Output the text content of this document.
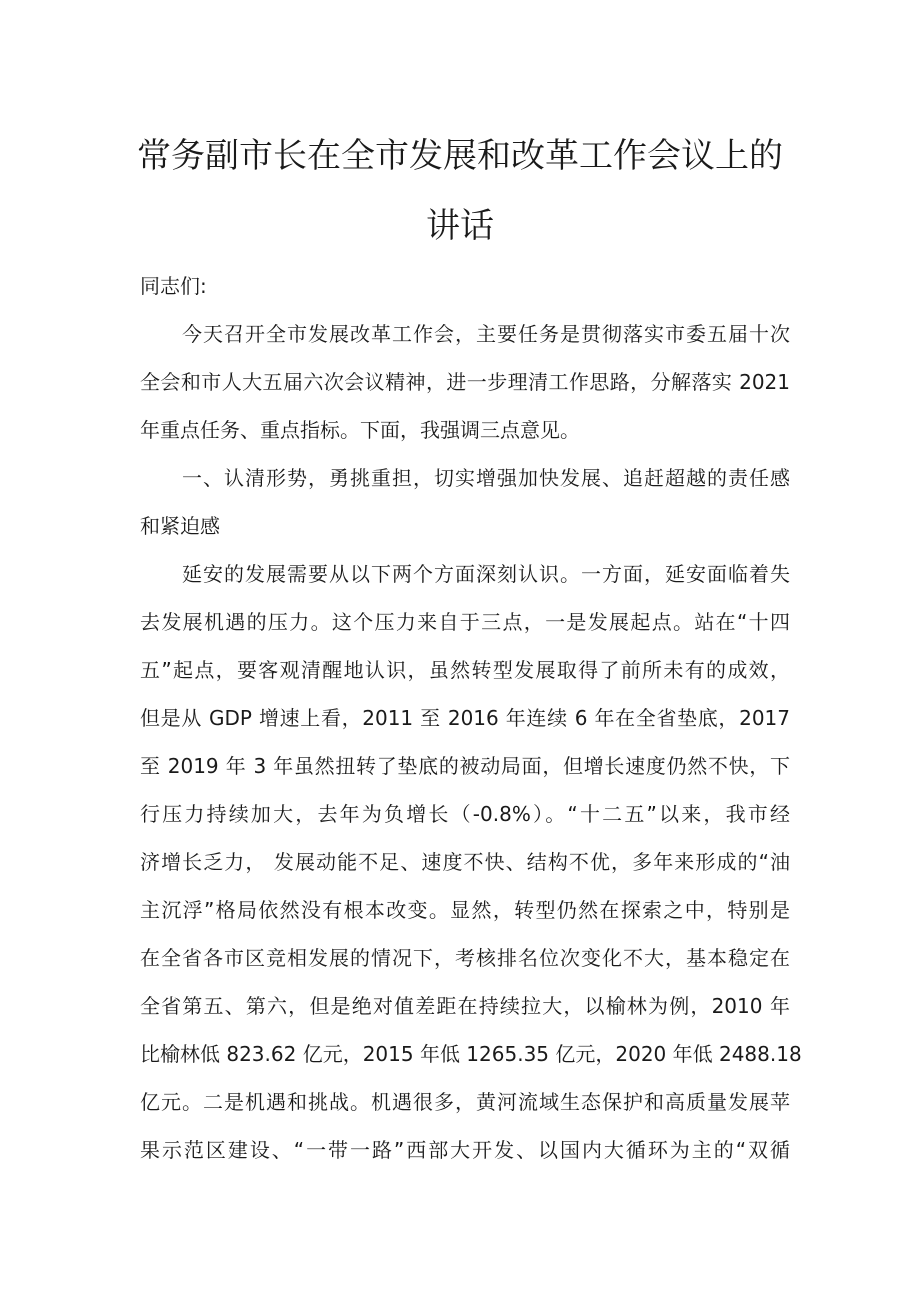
常务副市长在全市发展和改革工作会议上的
讲话
同志们:
　　今天召开全市发展改革工作会，主要任务是贯彻落实市委五届十次
全会和市人大五届六次会议精神，进一步理清工作思路，分解落实 2021
年重点任务、重点指标。下面，我强调三点意见。
　　一、认清形势，勇挑重担，切实增强加快发展、追赶超越的责任感
和紧迫感
　　延安的发展需要从以下两个方面深刻认识。一方面，延安面临着失
去发展机遇的压力。这个压力来自于三点，一是发展起点。站在“十四
五”起点，要客观清醒地认识，虽然转型发展取得了前所未有的成效，
但是从 GDP 增速上看，2011 至 2016 年连续 6 年在全省垫底，2017
至 2019 年 3 年虽然扭转了垫底的被动局面，但增长速度仍然不快，下
行压力持续加大，去年为负增长（-0.8%）。“十二五”以来，我市经
济增长乏力， 发展动能不足、速度不快、结构不优，多年来形成的“油
主沉浮”格局依然没有根本改变。显然，转型仍然在探索之中，特别是
在全省各市区竞相发展的情况下，考核排名位次变化不大，基本稳定在
全省第五、第六，但是绝对值差距在持续拉大，以榆林为例，2010 年
比榆林低 823.62 亿元，2015 年低 1265.35 亿元，2020 年低 2488.18
亿元。二是机遇和挑战。机遇很多，黄河流域生态保护和高质量发展苹
果示范区建设、“一带一路”西部大开发、以国内大循环为主的“双循
